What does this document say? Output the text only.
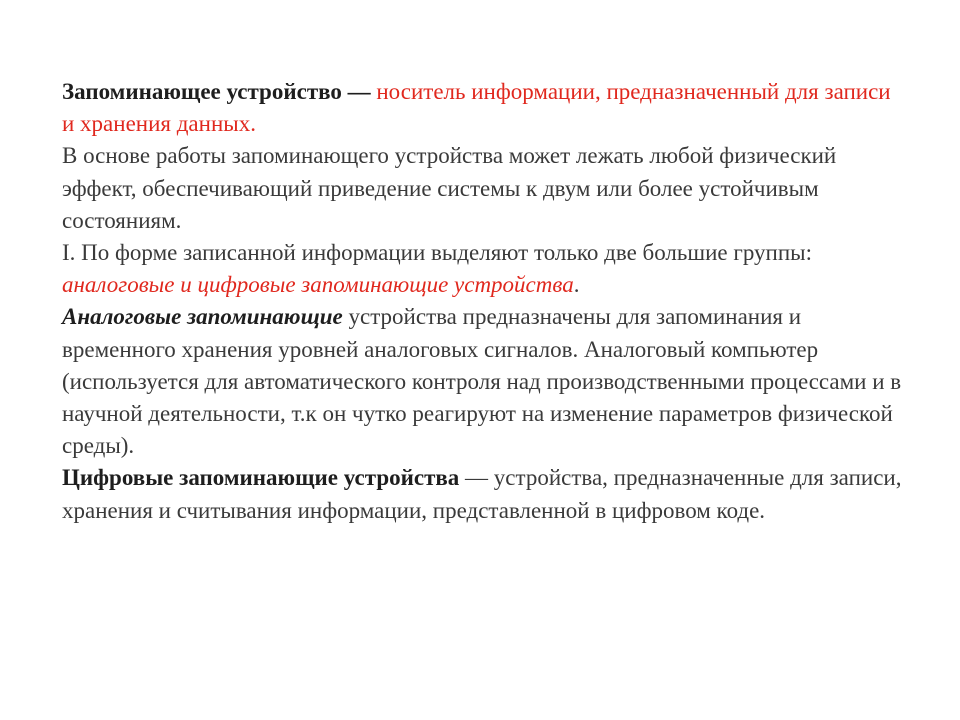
Запоминающее устройство — носитель информации, предназначенный для записи и хранения данных.

В основе работы запоминающего устройства может лежать любой физический эффект, обеспечивающий приведение системы к двум или более устойчивым состояниям.

I. По форме записанной информации выделяют только две большие группы: аналоговые и цифровые запоминающие устройства.

Аналоговые запоминающие устройства предназначены для запоминания и временного хранения уровней аналоговых сигналов. Аналоговый компьютер (используется для автоматического контроля над производственными процессами и в научной деятельности, т.к он чутко реагируют на изменение параметров физической среды).

Цифровые запоминающие устройства — устройства, предназначенные для записи, хранения и считывания информации, представленной в цифровом коде.
